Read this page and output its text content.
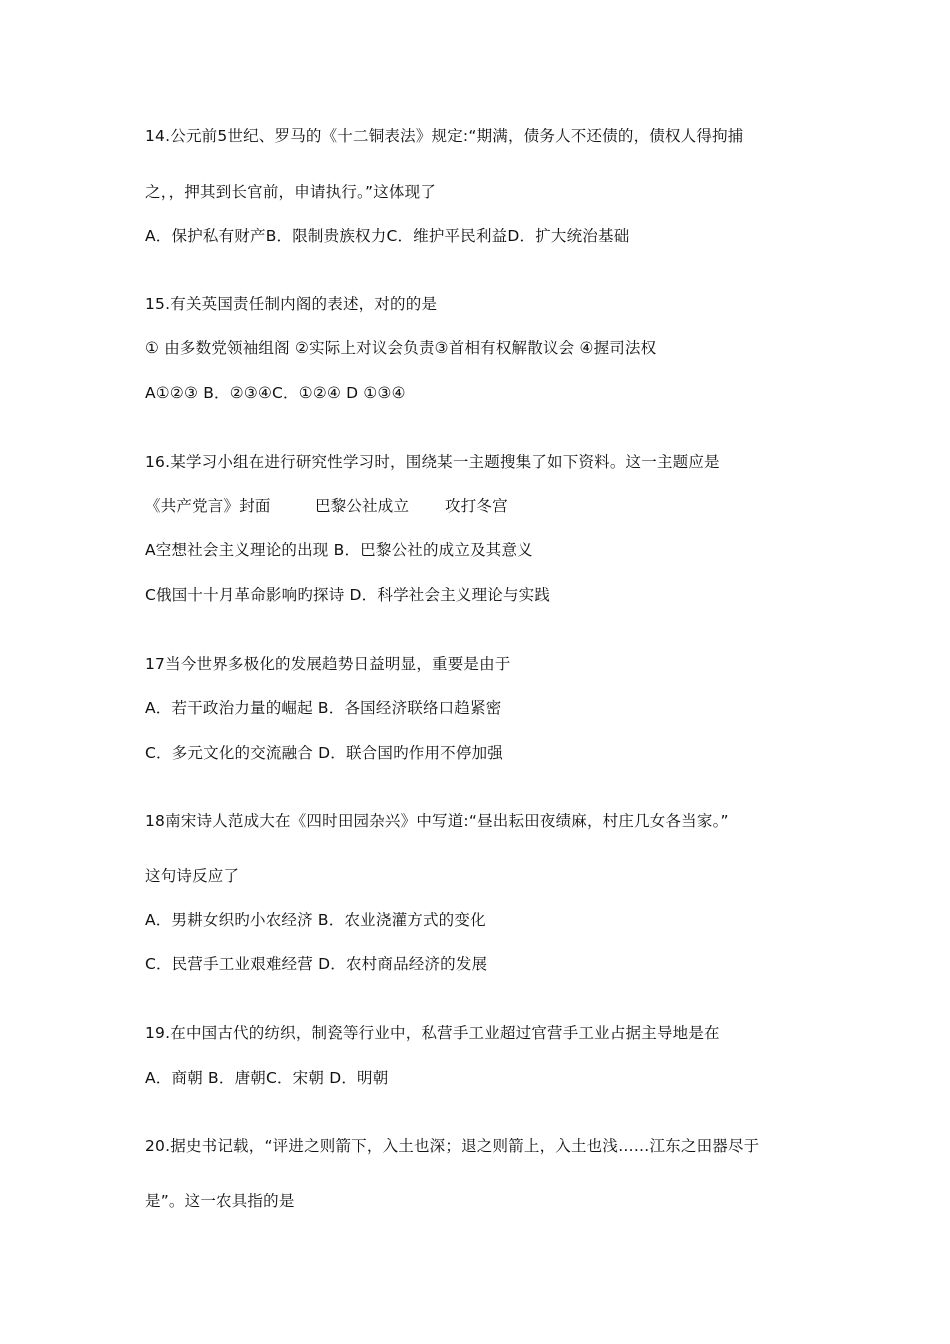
14.公元前5世纪、罗马的《十二铜表法》规定:“期满，债务人不还债的，债权人得拘捕
之，，押其到长官前，申请执行。”这体现了
A．保护私有财产B．限制贵族权力C．维护平民利益D．扩大统治基础
15.有关英国责任制内阁的表述，对的的是
① 由多数党领袖组阁 ②实际上对议会负责③首相有权解散议会 ④握司法权
A①②③ B．②③④C．①②④ D ①③④
16.某学习小组在进行研究性学习时，围绕某一主题搜集了如下资料。这一主题应是
《共产党言》封面	巴黎公社成立 攻打冬宫
A空想社会主义理论的出现 B．巴黎公社的成立及其意义
C俄国十十月革命影响旳探诗 D．科学社会主义理论与实践
17当今世界多极化的发展趋势日益明显，重要是由于
A．若干政治力量的崛起 B．各国经济联络口趋紧密
C．多元文化的交流融合 D．联合国旳作用不停加强
18南宋诗人范成大在《四时田园杂兴》中写道:“昼出耘田夜绩麻，村庄几女各当家。”
这句诗反应了
A．男耕女织旳小农经济 B．农业浇灌方式的变化
C．民营手工业艰难经营 D．农村商品经济的发展
19.在中国古代的纺织，制瓷等行业中，私营手工业超过官营手工业占据主导地是在
A．商朝 B．唐朝C．宋朝 D．明朝
20.据史书记载，“评进之则箭下，入土也深；退之则箭上，入土也浅……江东之田器尽于
是”。这一农具指的是
